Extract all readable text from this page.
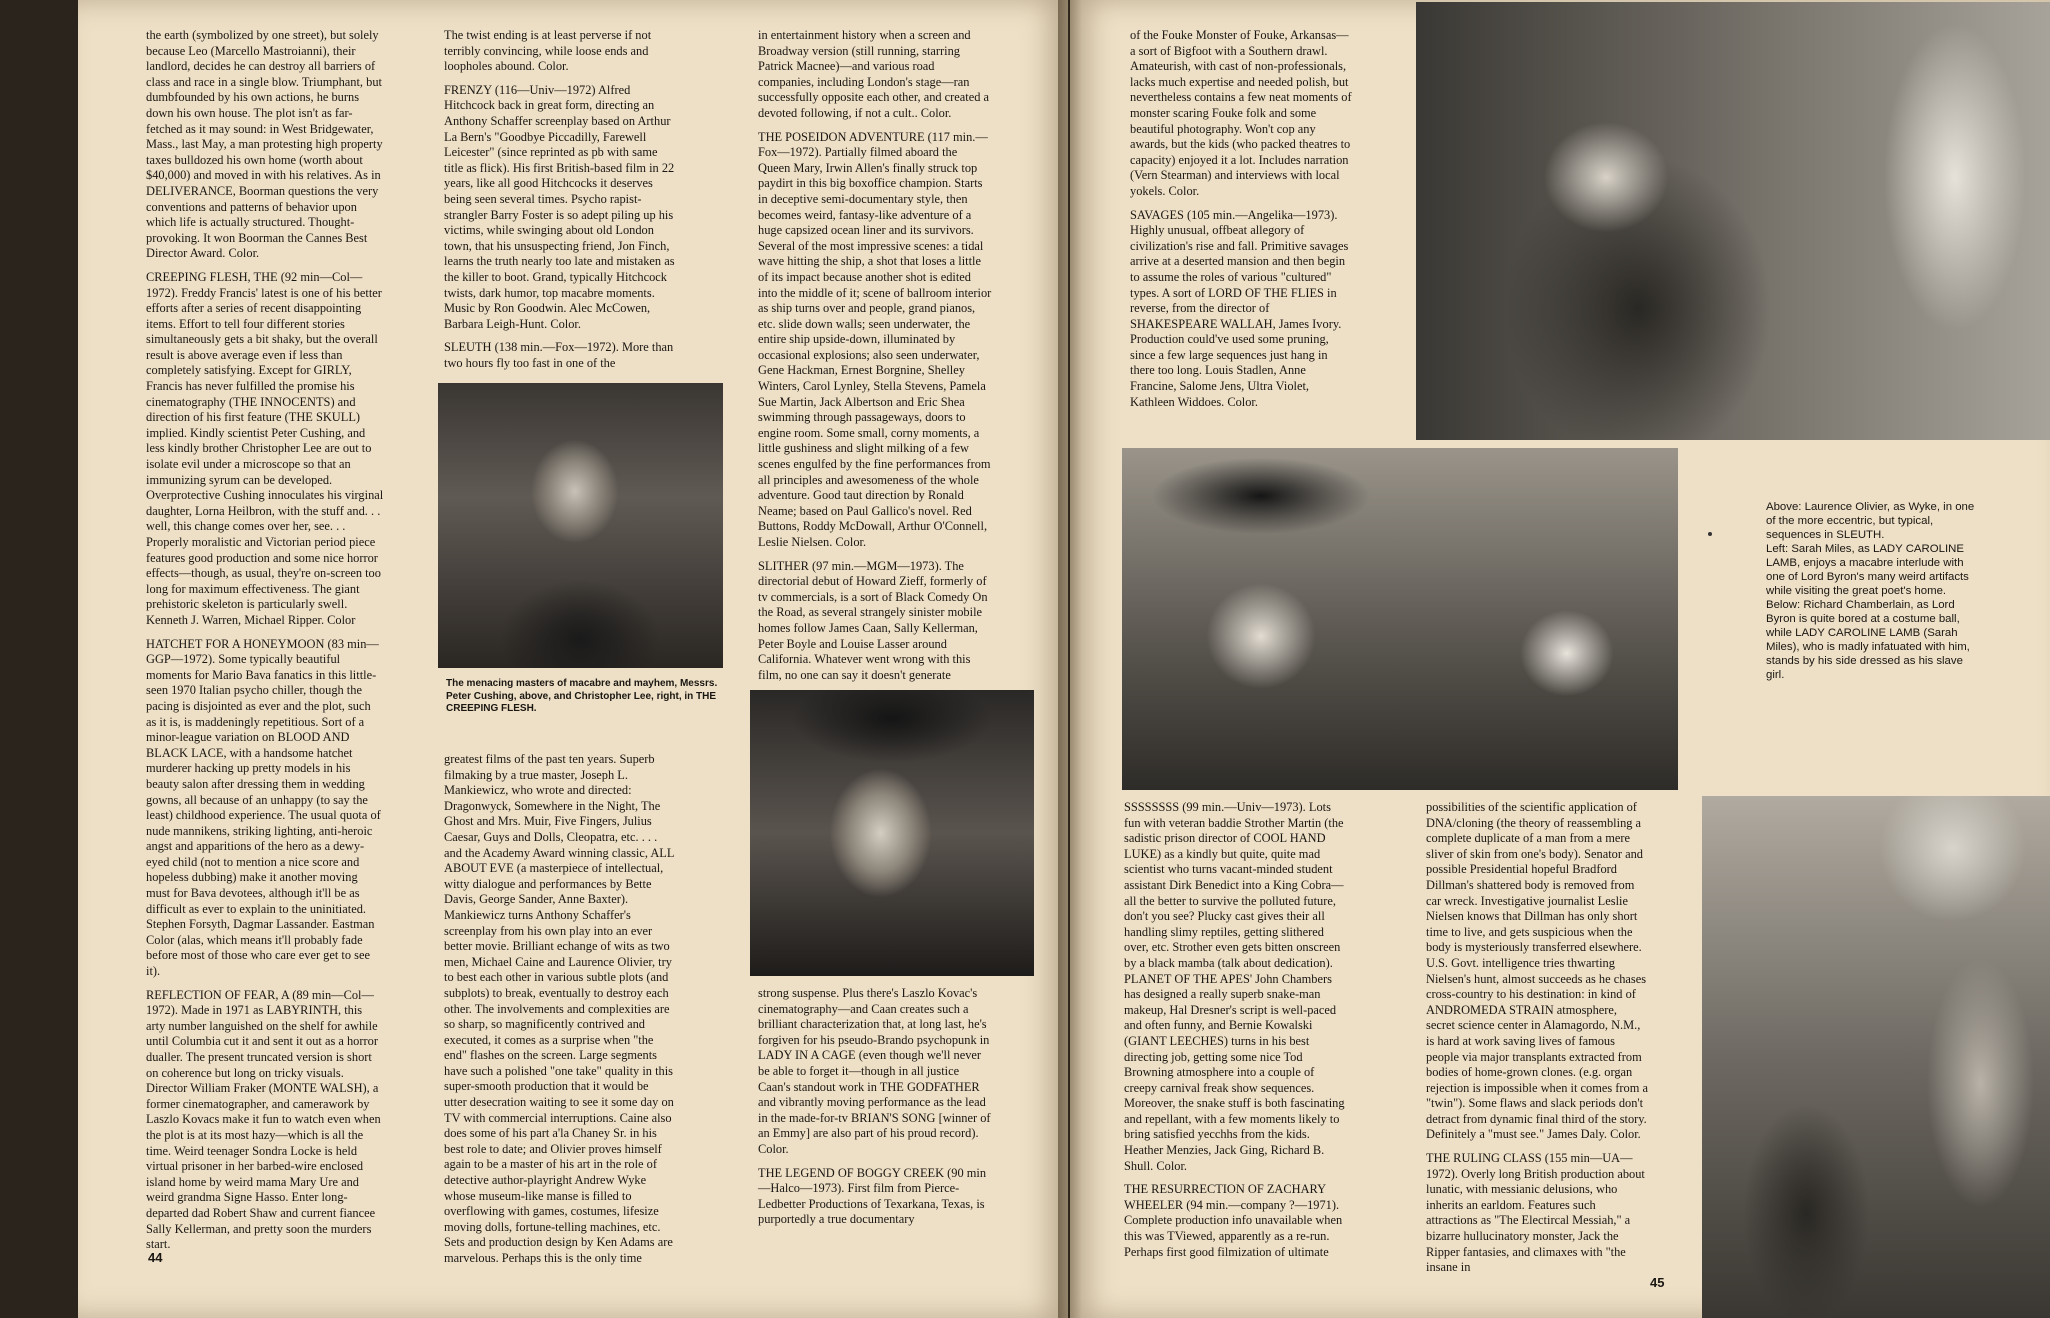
the earth (symbolized by one street), but solely because Leo (Marcello Mastroianni), their landlord, decides he can destroy all barriers of class and race in a single blow. Triumphant, but dumbfounded by his own actions, he burns down his own house. The plot isn't as far-fetched as it may sound: in West Bridgewater, Mass., last May, a man protesting high property taxes bulldozed his own home (worth about $40,000) and moved in with his relatives. As in DELIVERANCE, Boorman questions the very conventions and patterns of behavior upon which life is actually structured. Thought-provoking. It won Boorman the Cannes Best Director Award. Color.

CREEPING FLESH, THE (92 min—Col—1972). Freddy Francis' latest is one of his better efforts after a series of recent disappointing items. Effort to tell four different stories simultaneously gets a bit shaky, but the overall result is above average even if less than completely satisfying. Except for GIRLY, Francis has never fulfilled the promise his cinematography (THE INNOCENTS) and direction of his first feature (THE SKULL) implied. Kindly scientist Peter Cushing, and less kindly brother Christopher Lee are out to isolate evil under a microscope so that an immunizing syrum can be developed. Overprotective Cushing innoculates his virginal daughter, Lorna Heilbron, with the stuff and. . . well, this change comes over her, see. . . Properly moralistic and Victorian period piece features good production and some nice horror effects—though, as usual, they're on-screen too long for maximum effectiveness. The giant prehistoric skeleton is particularly swell. Kenneth J. Warren, Michael Ripper. Color

HATCHET FOR A HONEYMOON (83 min—GGP—1972). Some typically beautiful moments for Mario Bava fanatics in this little-seen 1970 Italian psycho chiller, though the pacing is disjointed as ever and the plot, such as it is, is maddeningly repetitious. Sort of a minor-league variation on BLOOD AND BLACK LACE, with a handsome hatchet murderer hacking up pretty models in his beauty salon after dressing them in wedding gowns, all because of an unhappy (to say the least) childhood experience. The usual quota of nude mannikens, striking lighting, anti-heroic angst and apparitions of the hero as a dewy-eyed child (not to mention a nice score and hopeless dubbing) make it another moving must for Bava devotees, although it'll be as difficult as ever to explain to the uninitiated. Stephen Forsyth, Dagmar Lassander. Eastman Color (alas, which means it'll probably fade before most of those who care ever get to see it).

REFLECTION OF FEAR, A (89 min—Col—1972). Made in 1971 as LABYRINTH, this arty number languished on the shelf for awhile until Columbia cut it and sent it out as a horror dualler. The present truncated version is short on coherence but long on tricky visuals. Director William Fraker (MONTE WALSH), a former cinematographer, and camerawork by Laszlo Kovacs make it fun to watch even when the plot is at its most hazy—which is all the time. Weird teenager Sondra Locke is held virtual prisoner in her barbed-wire enclosed island home by weird mama Mary Ure and weird grandma Signe Hasso. Enter long-departed dad Robert Shaw and current fiancee Sally Kellerman, and pretty soon the murders start.

The twist ending is at least perverse if not terribly convincing, while loose ends and loopholes abound. Color.

FRENZY (116—Univ—1972) Alfred Hitchcock back in great form, directing an Anthony Schaffer screenplay based on Arthur La Bern's "Goodbye Piccadilly, Farewell Leicester" (since reprinted as pb with same title as flick). His first British-based film in 22 years, like all good Hitchcocks it deserves being seen several times. Psycho rapist-strangler Barry Foster is so adept piling up his victims, while swinging about old London town, that his unsuspecting friend, Jon Finch, learns the truth nearly too late and mistaken as the killer to boot. Grand, typically Hitchcock twists, dark humor, top macabre moments. Music by Ron Goodwin. Alec McCowen, Barbara Leigh-Hunt. Color.

SLEUTH (138 min.—Fox—1972). More than two hours fly too fast in one of the

The menacing masters of macabre and mayhem, Messrs. Peter Cushing, above, and Christopher Lee, right, in THE CREEPING FLESH.

greatest films of the past ten years. Superb filmaking by a true master, Joseph L. Mankiewicz, who wrote and directed: Dragonwyck, Somewhere in the Night, The Ghost and Mrs. Muir, Five Fingers, Julius Caesar, Guys and Dolls, Cleopatra, etc. . . . and the Academy Award winning classic, ALL ABOUT EVE (a masterpiece of intellectual, witty dialogue and performances by Bette Davis, George Sander, Anne Baxter). Mankiewicz turns Anthony Schaffer's screenplay from his own play into an ever better movie. Brilliant echange of wits as two men, Michael Caine and Laurence Olivier, try to best each other in various subtle plots (and subplots) to break, eventually to destroy each other. The involvements and complexities are so sharp, so magnificently contrived and executed, it comes as a surprise when "the end" flashes on the screen. Large segments have such a polished "one take" quality in this super-smooth production that it would be utter desecration waiting to see it some day on TV with commercial interruptions. Caine also does some of his part a'la Chaney Sr. in his best role to date; and Olivier proves himself again to be a master of his art in the role of detective author-playright Andrew Wyke whose museum-like manse is filled to overflowing with games, costumes, lifesize moving dolls, fortune-telling machines, etc. Sets and production design by Ken Adams are marvelous. Perhaps this is the only time

in entertainment history when a screen and Broadway version (still running, starring Patrick Macnee)—and various road companies, including London's stage—ran successfully opposite each other, and created a devoted following, if not a cult.. Color.

THE POSEIDON ADVENTURE (117 min.—Fox—1972). Partially filmed aboard the Queen Mary, Irwin Allen's finally struck top paydirt in this big boxoffice champion. Starts in deceptive semi-documentary style, then becomes weird, fantasy-like adventure of a huge capsized ocean liner and its survivors. Several of the most impressive scenes: a tidal wave hitting the ship, a shot that loses a little of its impact because another shot is edited into the middle of it; scene of ballroom interior as ship turns over and people, grand pianos, etc. slide down walls; seen underwater, the entire ship upside-down, illuminated by occasional explosions; also seen underwater, Gene Hackman, Ernest Borgnine, Shelley Winters, Carol Lynley, Stella Stevens, Pamela Sue Martin, Jack Albertson and Eric Shea swimming through passageways, doors to engine room. Some small, corny moments, a little gushiness and slight milking of a few scenes engulfed by the fine performances from all principles and awesomeness of the whole adventure. Good taut direction by Ronald Neame; based on Paul Gallico's novel. Red Buttons, Roddy McDowall, Arthur O'Connell, Leslie Nielsen. Color.

SLITHER (97 min.—MGM—1973). The directorial debut of Howard Zieff, formerly of tv commercials, is a sort of Black Comedy On the Road, as several strangely sinister mobile homes follow James Caan, Sally Kellerman, Peter Boyle and Louise Lasser around California. Whatever went wrong with this film, no one can say it doesn't generate

strong suspense. Plus there's Laszlo Kovac's cinematography—and Caan creates such a brilliant characterization that, at long last, he's forgiven for his pseudo-Brando psychopunk in LADY IN A CAGE (even though we'll never be able to forget it—though in all justice Caan's standout work in THE GODFATHER and vibrantly moving performance as the lead in the made-for-tv BRIAN'S SONG [winner of an Emmy] are also part of his proud record). Color.

THE LEGEND OF BOGGY CREEK (90 min—Halco—1973). First film from Pierce-Ledbetter Productions of Texarkana, Texas, is purportedly a true documentary

44

of the Fouke Monster of Fouke, Arkansas—a sort of Bigfoot with a Southern drawl. Amateurish, with cast of non-professionals, lacks much expertise and needed polish, but nevertheless contains a few neat moments of monster scaring Fouke folk and some beautiful photography. Won't cop any awards, but the kids (who packed theatres to capacity) enjoyed it a lot. Includes narration (Vern Stearman) and interviews with local yokels. Color.

SAVAGES (105 min.—Angelika—1973). Highly unusual, offbeat allegory of civilization's rise and fall. Primitive savages arrive at a deserted mansion and then begin to assume the roles of various "cultured" types. A sort of LORD OF THE FLIES in reverse, from the director of SHAKESPEARE WALLAH, James Ivory. Production could've used some pruning, since a few large sequences just hang in there too long. Louis Stadlen, Anne Francine, Salome Jens, Ultra Violet, Kathleen Widdoes. Color.

Above: Laurence Olivier, as Wyke, in one of the more eccentric, but typical, sequences in SLEUTH.

Left: Sarah Miles, as LADY CAROLINE LAMB, enjoys a macabre interlude with one of Lord Byron's many weird artifacts while visiting the great poet's home.

Below: Richard Chamberlain, as Lord Byron is quite bored at a costume ball, while LADY CAROLINE LAMB (Sarah Miles), who is madly infatuated with him, stands by his side dressed as his slave girl.

SSSSSSSS (99 min.—Univ—1973). Lots fun with veteran baddie Strother Martin (the sadistic prison director of COOL HAND LUKE) as a kindly but quite, quite mad scientist who turns vacant-minded student assistant Dirk Benedict into a King Cobra—all the better to survive the polluted future, don't you see? Plucky cast gives their all handling slimy reptiles, getting slithered over, etc. Strother even gets bitten onscreen by a black mamba (talk about dedication). PLANET OF THE APES' John Chambers has designed a really superb snake-man makeup, Hal Dresner's script is well-paced and often funny, and Bernie Kowalski (GIANT LEECHES) turns in his best directing job, getting some nice Tod Browning atmosphere into a couple of creepy carnival freak show sequences. Moreover, the snake stuff is both fascinating and repellant, with a few moments likely to bring satisfied yecchhs from the kids. Heather Menzies, Jack Ging, Richard B. Shull. Color.

THE RESURRECTION OF ZACHARY WHEELER (94 min.—company ?—1971). Complete production info unavailable when this was TViewed, apparently as a re-run. Perhaps first good filmization of ultimate

possibilities of the scientific application of DNA/cloning (the theory of reassembling a complete duplicate of a man from a mere sliver of skin from one's body). Senator and possible Presidential hopeful Bradford Dillman's shattered body is removed from car wreck. Investigative journalist Leslie Nielsen knows that Dillman has only short time to live, and gets suspicious when the body is mysteriously transferred elsewhere. U.S. Govt. intelligence tries thwarting Nielsen's hunt, almost succeeds as he chases cross-country to his destination: in kind of ANDROMEDA STRAIN atmosphere, secret science center in Alamagordo, N.M., is hard at work saving lives of famous people via major transplants extracted from bodies of home-grown clones. (e.g. organ rejection is impossible when it comes from a "twin"). Some flaws and slack periods don't detract from dynamic final third of the story. Definitely a "must see." James Daly. Color.

THE RULING CLASS (155 min—UA—1972). Overly long British production about lunatic, with messianic delusions, who inherits an earldom. Features such attractions as "The Electircal Messiah," a bizarre hullucinatory monster, Jack the Ripper fantasies, and climaxes with "the insane in

45
